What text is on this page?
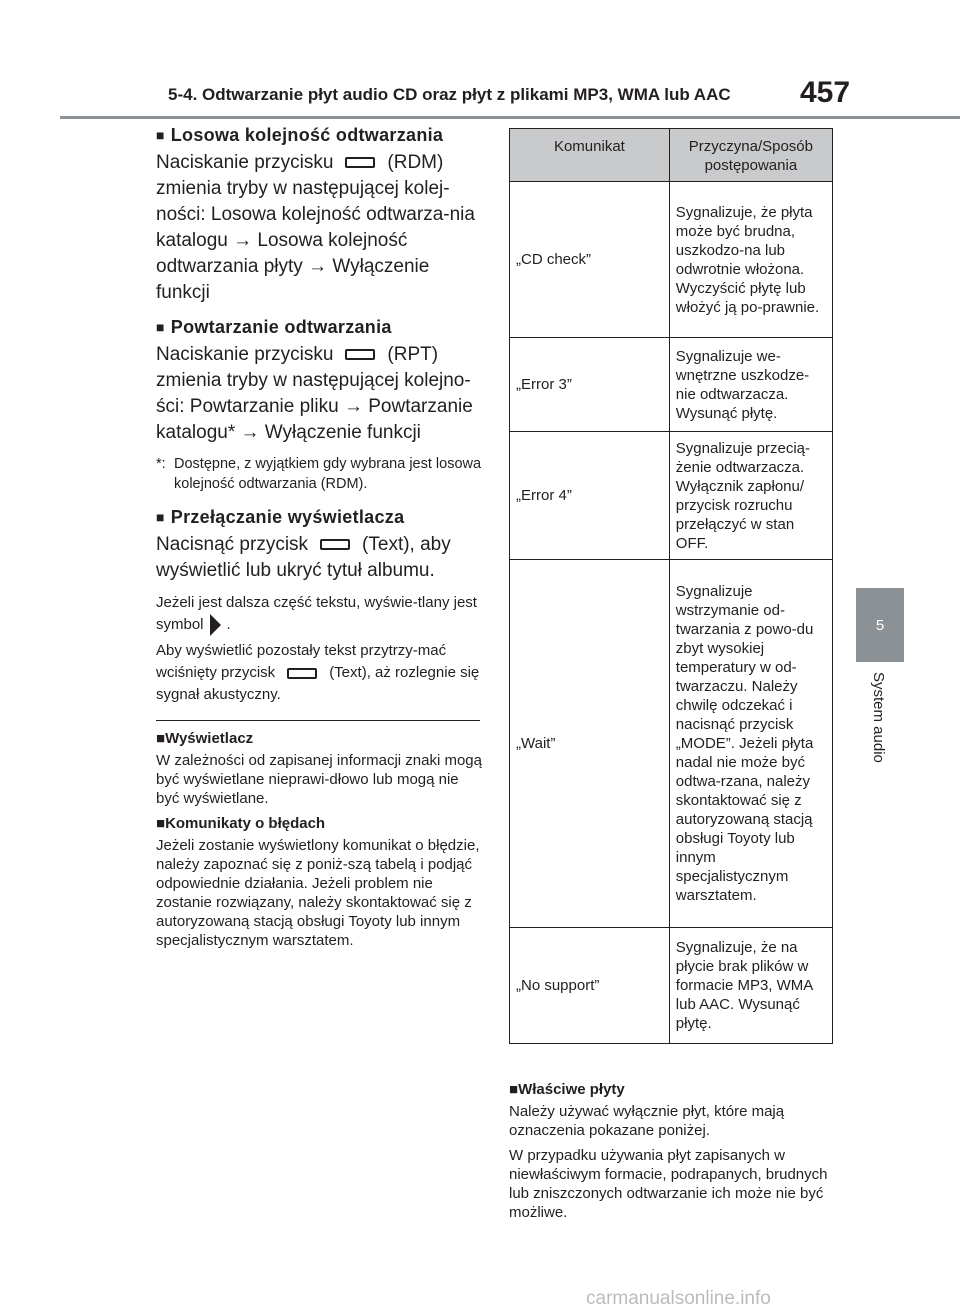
5-4. Odtwarzanie płyt audio CD oraz płyt z plikami MP3, WMA lub AAC 457
5
System audio
■ Losowa kolejność odtwarzania
Naciskanie przycisku	(RDM) zmienia tryby w następującej kolej-ności: Losowa kolejność odtwarza-nia katalogu → Losowa kolejność odtwarzania płyty → Wyłączenie funkcji
■ Powtarzanie odtwarzania
Naciskanie przycisku	(RPT) zmienia tryby w następującej kolejno-ści: Powtarzanie pliku → Powtarzanie katalogu* → Wyłączenie funkcji
*: Dostępne, z wyjątkiem gdy wybrana jest losowa kolejność odtwarzania (RDM).
■ Przełączanie wyświetlacza
Nacisnąć przycisk	(Text), aby wyświetlić lub ukryć tytuł albumu.
Jeżeli jest dalsza część tekstu, wyświe-tlany jest symbol .
Aby wyświetlić pozostały tekst przytrzy-mać wciśnięty przycisk	(Text), aż rozlegnie się sygnał akustyczny.
■Wyświetlacz
W zależności od zapisanej informacji znaki mogą być wyświetlane nieprawi-dłowo lub mogą nie być wyświetlane.
■Komunikaty o błędach
Jeżeli zostanie wyświetlony komunikat o błędzie, należy zapoznać się z poniż-szą tabelą i podjąć odpowiednie działania. Jeżeli problem nie zostanie rozwiązany, należy skontaktować się z autoryzowaną stacją obsługi Toyoty lub innym specjalistycznym warsztatem.
Komunikat	Przyczyna/Sposób postępowania
„CD check”	Sygnalizuje, że płyta może być brudna, uszkodzo-na lub odwrotnie włożona. Wyczyścić płytę lub włożyć ją po-prawnie.
„Error 3”	Sygnalizuje we-wnętrzne uszkodze-nie odtwarzacza. Wysunąć płytę.
„Error 4”	Sygnalizuje przecią-żenie odtwarzacza. Wyłącznik zapłonu/ przycisk rozruchu przełączyć w stan OFF.
„Wait”	Sygnalizuje wstrzymanie od-twarzania z powo-du zbyt wysokiej temperatury w od-twarzaczu. Należy chwilę odczekać i nacisnąć przycisk „MODE”. Jeżeli płyta nadal nie może być odtwa-rzana, należy skontaktować się z autoryzowaną stacją obsługi Toyoty lub innym specjalistycznym warsztatem.
„No support”	Sygnalizuje, że na płycie brak plików w formacie MP3, WMA lub AAC. Wysunąć płytę.
■Właściwe płyty
Należy używać wyłącznie płyt, które mają oznaczenia pokazane poniżej.
W przypadku używania płyt zapisanych w niewłaściwym formacie, podrapanych, brudnych lub zniszczonych odtwarzanie ich może nie być możliwe.
carmanualsonline.info
